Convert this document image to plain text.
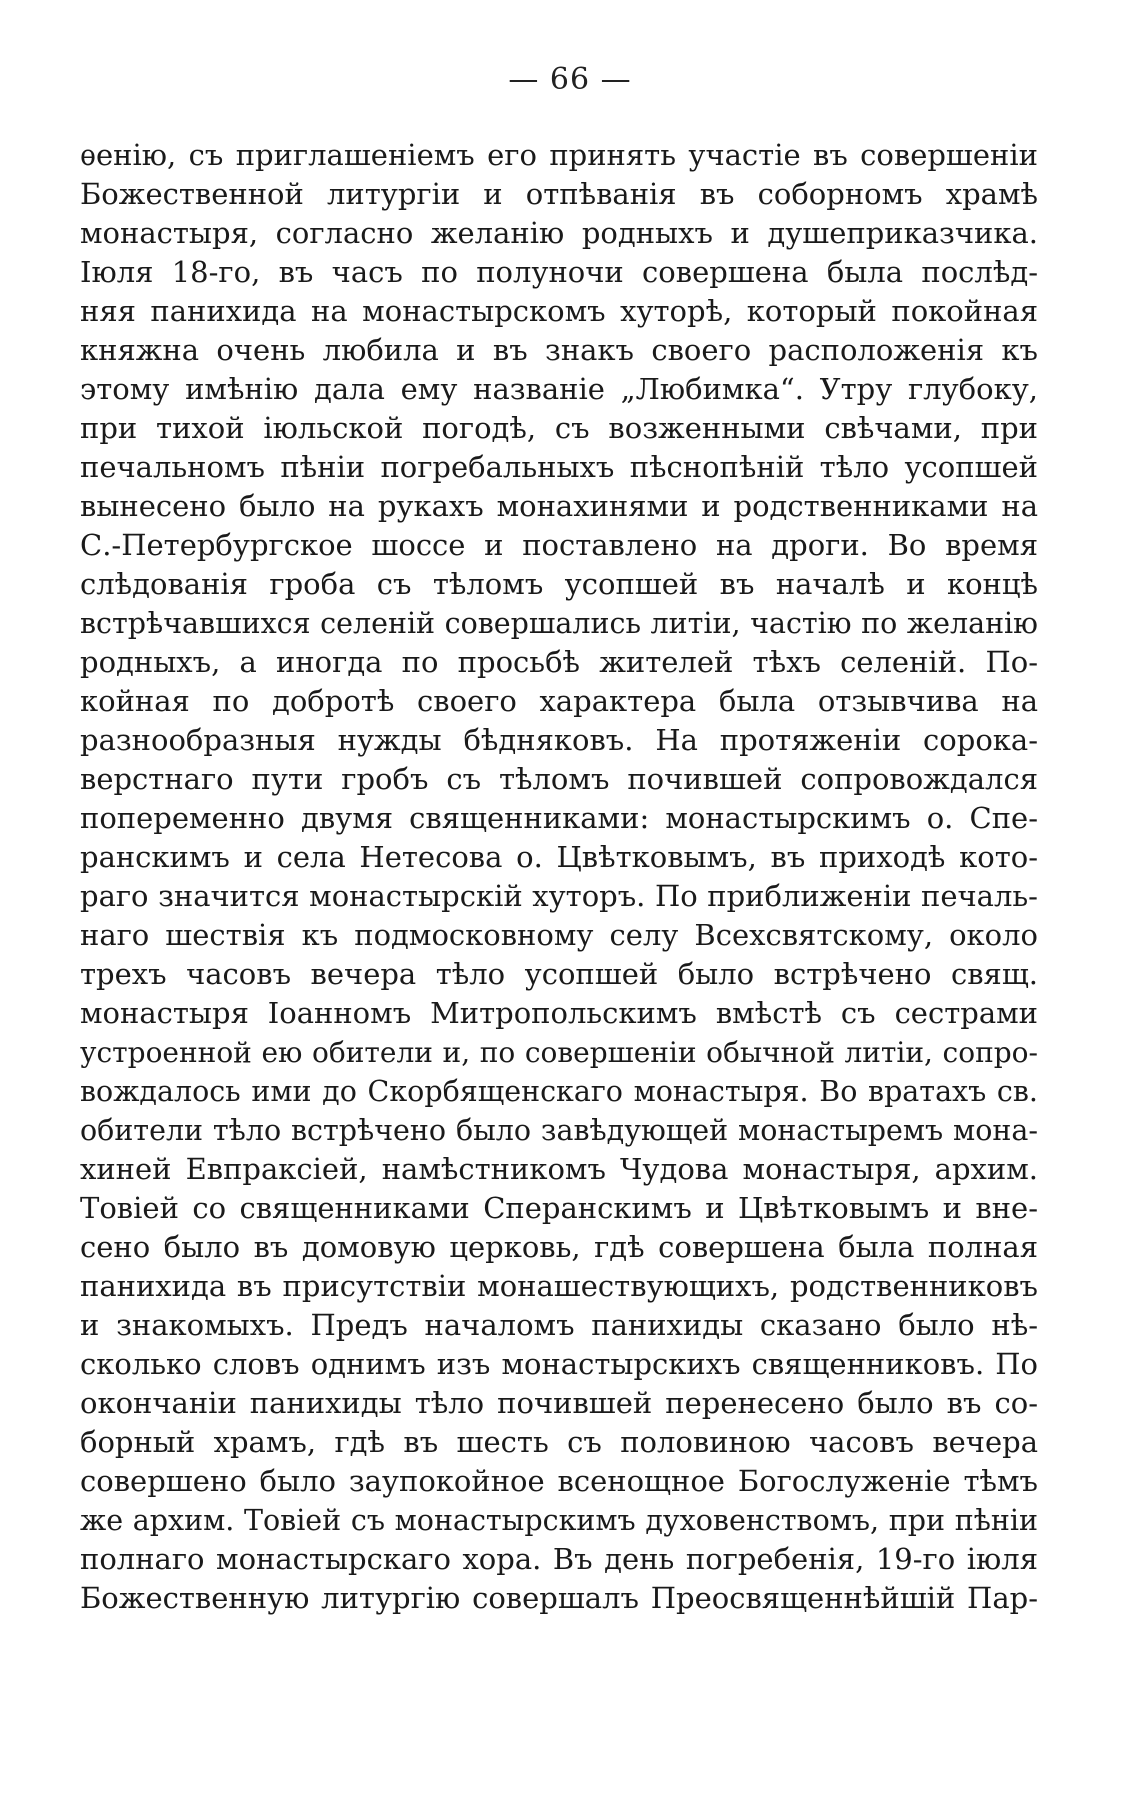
— 66 —
ѳенію, съ приглашеніемъ его принять участіе въ совершеніи
Божественной литургіи и отпѣванія въ соборномъ храмѣ
монастыря, согласно желанію родныхъ и душеприказчика.
Іюля 18-го, въ часъ по полуночи совершена была послѣд-
няя панихида на монастырскомъ хуторѣ, который покойная
княжна очень любила и въ знакъ своего расположенія къ
этому имѣнію дала ему названіе „Любимка“. Утру глубоку,
при тихой іюльской погодѣ, съ возженными свѣчами, при
печальномъ пѣніи погребальныхъ пѣснопѣній тѣло усопшей
вынесено было на рукахъ монахинями и родственниками на
С.-Петербургское шоссе и поставлено на дроги. Во время
слѣдованія гроба съ тѣломъ усопшей въ началѣ и концѣ
встрѣчавшихся селеній совершались литіи, частію по желанію
родныхъ, а иногда по просьбѣ жителей тѣхъ селеній. По-
койная по добротѣ своего характера была отзывчива на
разнообразныя нужды бѣдняковъ. На протяженіи сорока-
верстнаго пути гробъ съ тѣломъ почившей сопровождался
попеременно двумя священниками: монастырскимъ о. Спе-
ранскимъ и села Нетесова о. Цвѣтковымъ, въ приходѣ кото-
раго значится монастырскій хуторъ. По приближеніи печаль-
наго шествія къ подмосковному селу Всехсвятскому, около
трехъ часовъ вечера тѣло усопшей было встрѣчено свящ.
монастыря Іоанномъ Митропольскимъ вмѣстѣ съ сестрами
устроенной ею обители и, по совершеніи обычной литіи, сопро-
вождалось ими до Скорбященскаго монастыря. Во вратахъ св.
обители тѣло встрѣчено было завѣдующей монастыремъ мона-
хиней Евпраксіей, намѣстникомъ Чудова монастыря, архим.
Товіей со священниками Сперанскимъ и Цвѣтковымъ и вне-
сено было въ домовую церковь, гдѣ совершена была полная
панихида въ присутствіи монашествующихъ, родственниковъ
и знакомыхъ. Предъ началомъ панихиды сказано было нѣ-
сколько словъ однимъ изъ монастырскихъ священниковъ. По
окончаніи панихиды тѣло почившей перенесено было въ со-
борный храмъ, гдѣ въ шесть съ половиною часовъ вечера
совершено было заупокойное всенощное Богослуженіе тѣмъ
же архим. Товіей съ монастырскимъ духовенствомъ, при пѣніи
полнаго монастырскаго хора. Въ день погребенія, 19-го іюля
Божественную литургію совершалъ Преосвященнѣйшій Пар-
